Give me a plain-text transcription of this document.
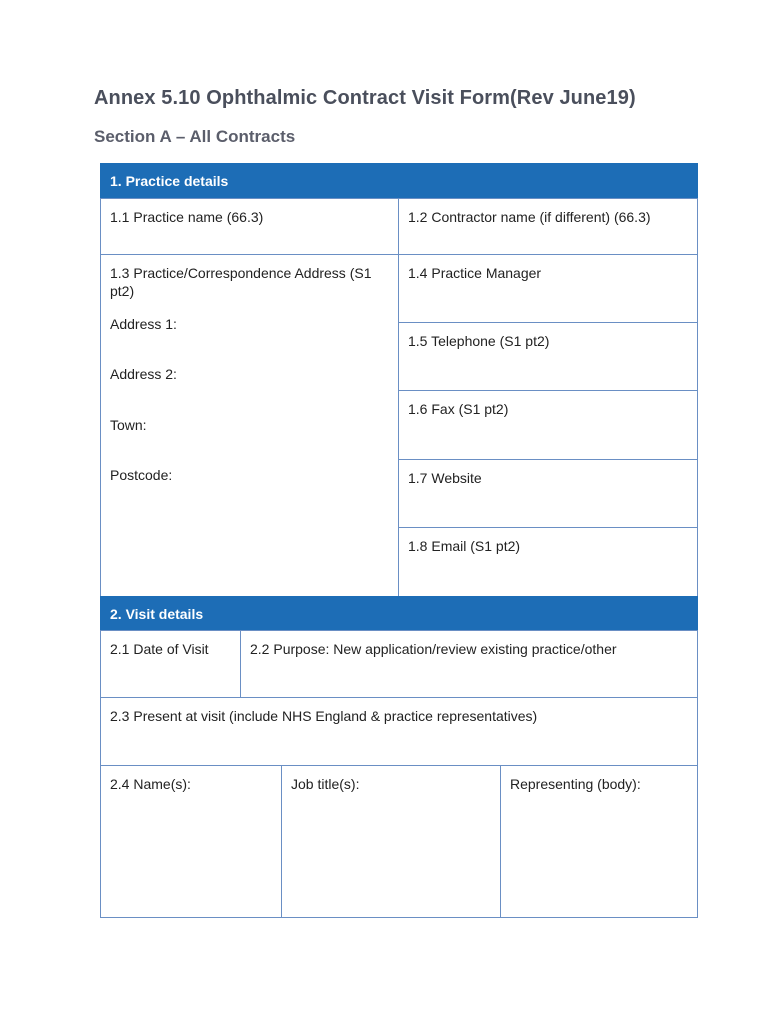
Annex 5.10 Ophthalmic Contract Visit Form(Rev June19)
Section A – All Contracts
1. Practice details
1.1 Practice name (66.3)	1.2 Contractor name (if different) (66.3)
1.3 Practice/Correspondence Address (S1 pt2)
Address 1:
Address 2:
Town:
Postcode:
1.4 Practice Manager
1.5 Telephone (S1 pt2)
1.6 Fax (S1 pt2)
1.7 Website
1.8 Email (S1 pt2)
2. Visit details
2.1 Date of Visit	2.2 Purpose: New application/review existing practice/other
2.3 Present at visit (include NHS England & practice representatives)
2.4 Name(s):	Job title(s):	Representing (body):
